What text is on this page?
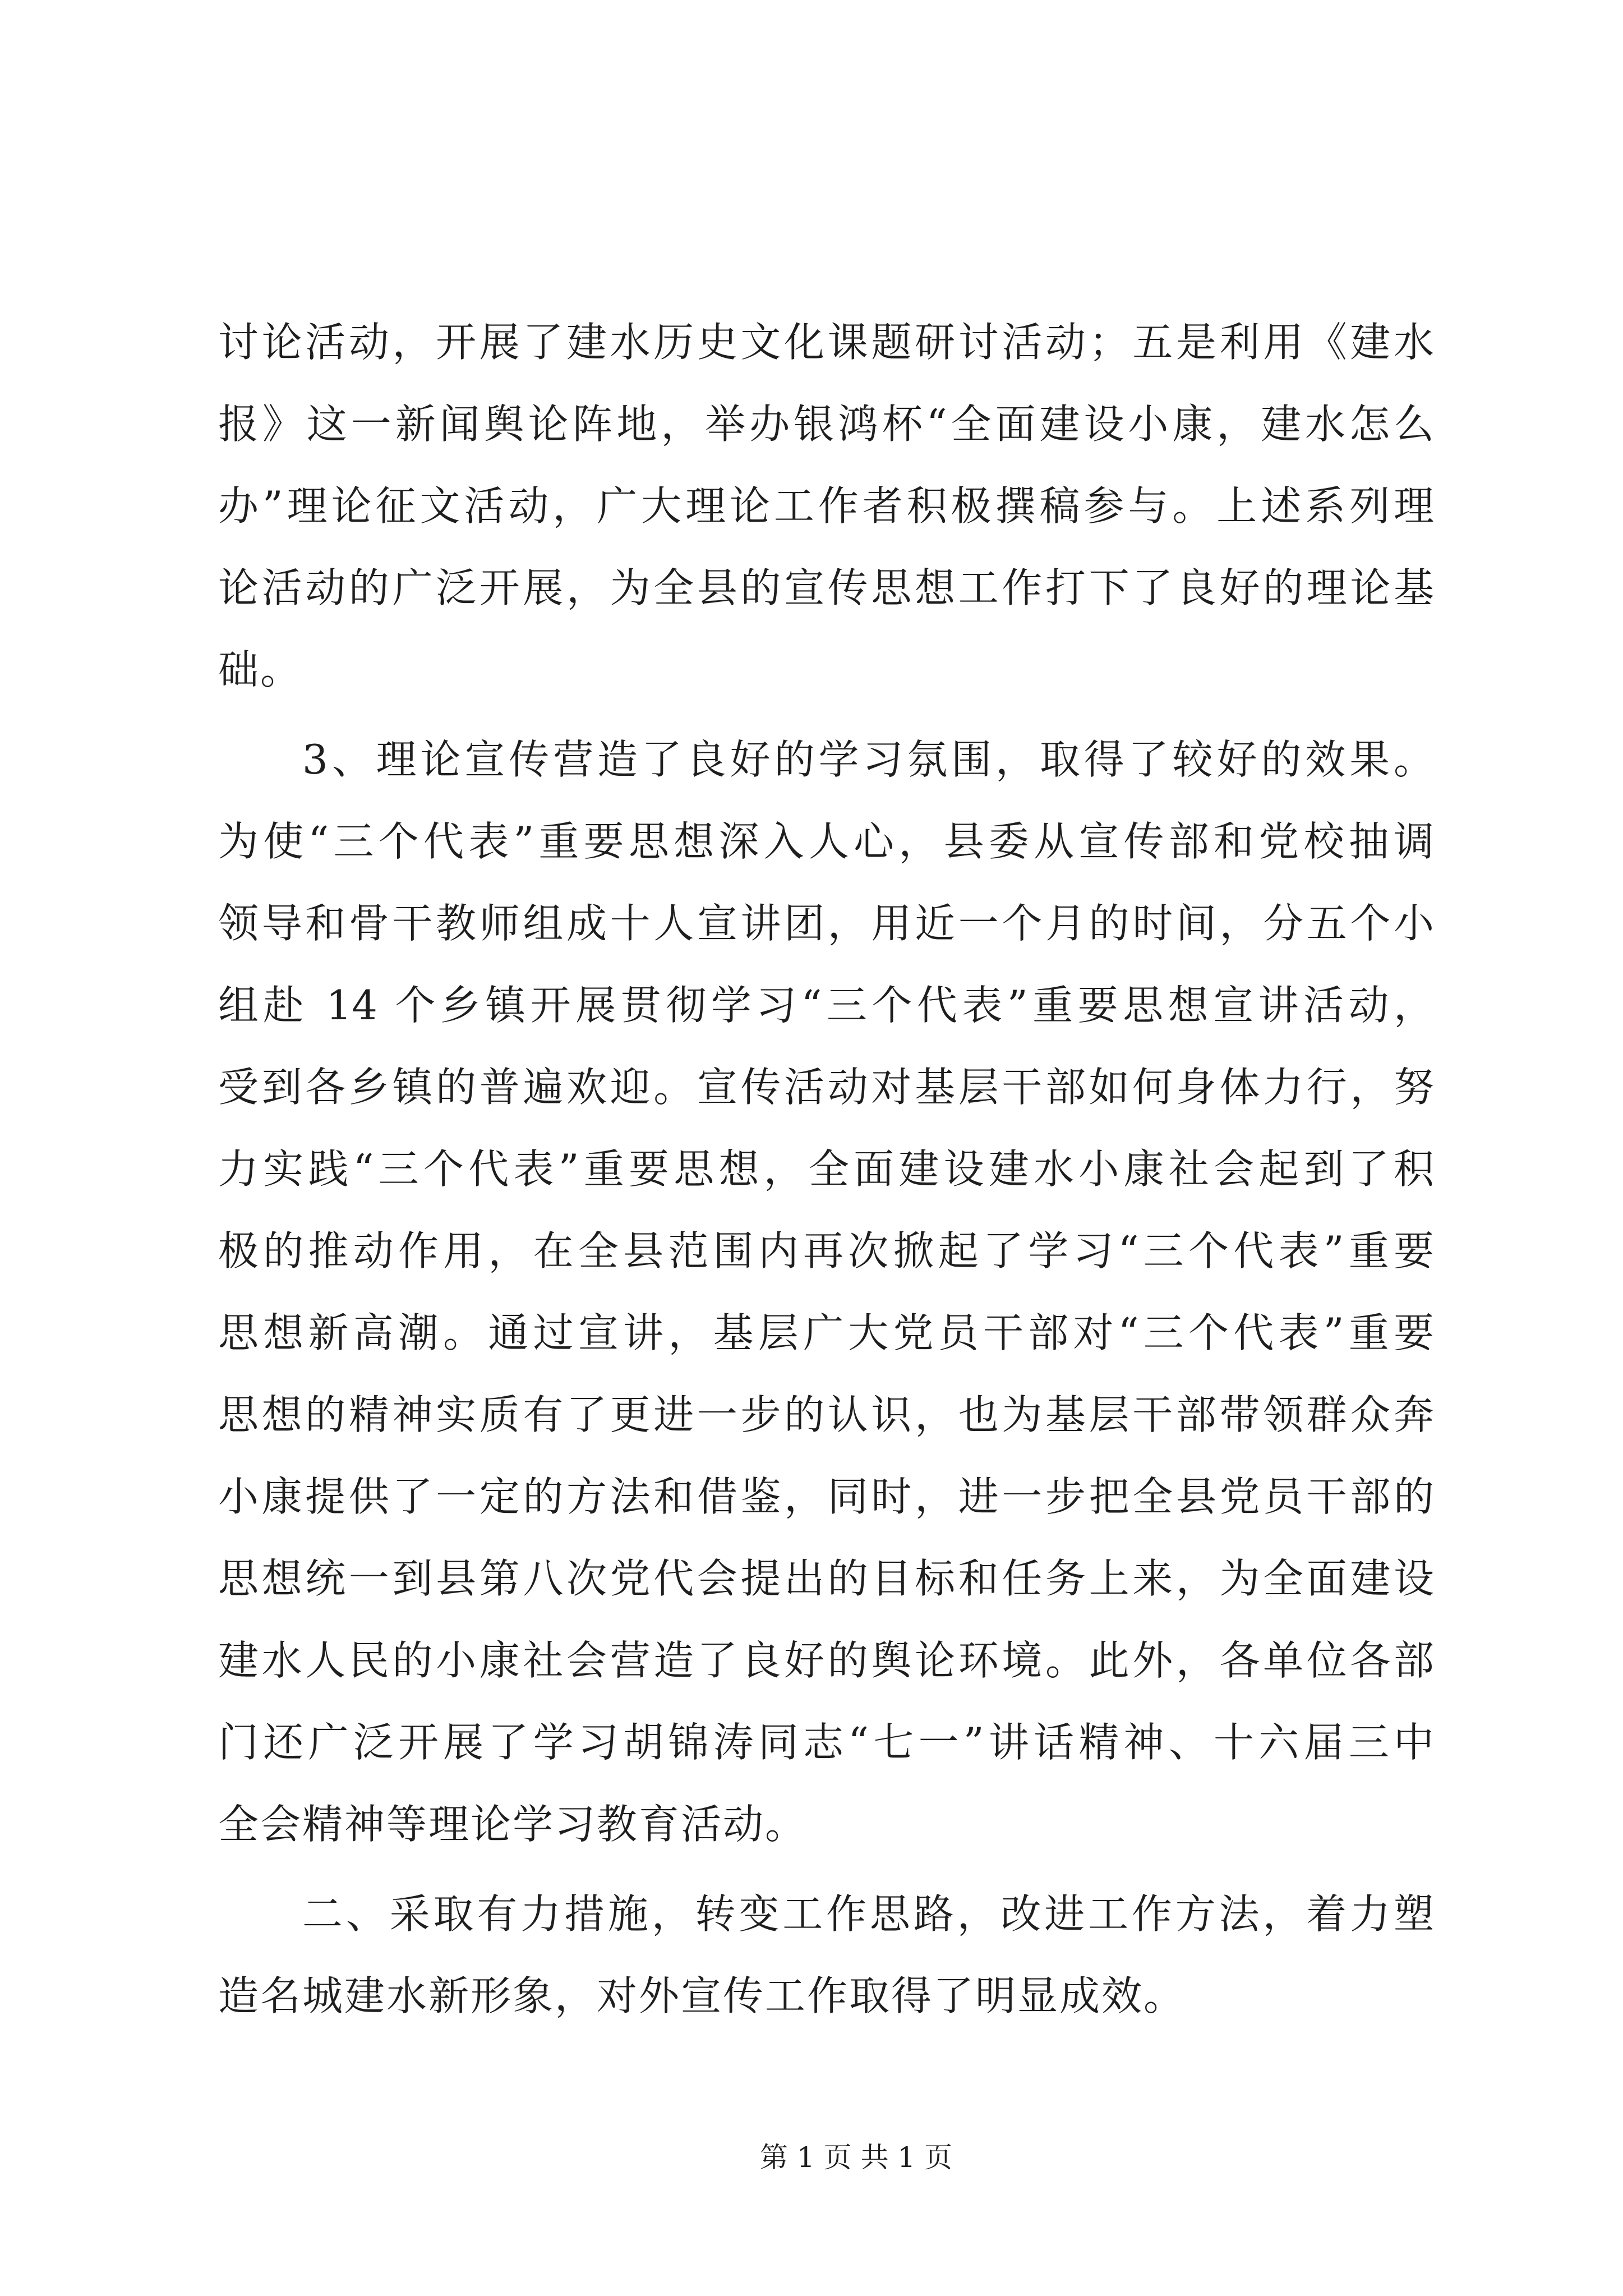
讨论活动，开展了建水历史文化课题研讨活动；五是利用《建水
报》这一新闻舆论阵地，举办银鸿杯“全面建设小康，建水怎么
办”理论征文活动，广大理论工作者积极撰稿参与。上述系列理
论活动的广泛开展，为全县的宣传思想工作打下了良好的理论基
础。
3、理论宣传营造了良好的学习氛围，取得了较好的效果。
为使“三个代表”重要思想深入人心，县委从宣传部和党校抽调
领导和骨干教师组成十人宣讲团，用近一个月的时间，分五个小
组赴 14 个乡镇开展贯彻学习“三个代表”重要思想宣讲活动，
受到各乡镇的普遍欢迎。宣传活动对基层干部如何身体力行，努
力实践“三个代表”重要思想，全面建设建水小康社会起到了积
极的推动作用，在全县范围内再次掀起了学习“三个代表”重要
思想新高潮。通过宣讲，基层广大党员干部对“三个代表”重要
思想的精神实质有了更进一步的认识，也为基层干部带领群众奔
小康提供了一定的方法和借鉴，同时，进一步把全县党员干部的
思想统一到县第八次党代会提出的目标和任务上来，为全面建设
建水人民的小康社会营造了良好的舆论环境。此外，各单位各部
门还广泛开展了学习胡锦涛同志“七一”讲话精神、十六届三中
全会精神等理论学习教育活动。
二、采取有力措施，转变工作思路，改进工作方法，着力塑
造名城建水新形象，对外宣传工作取得了明显成效。
第 1 页 共 1 页
